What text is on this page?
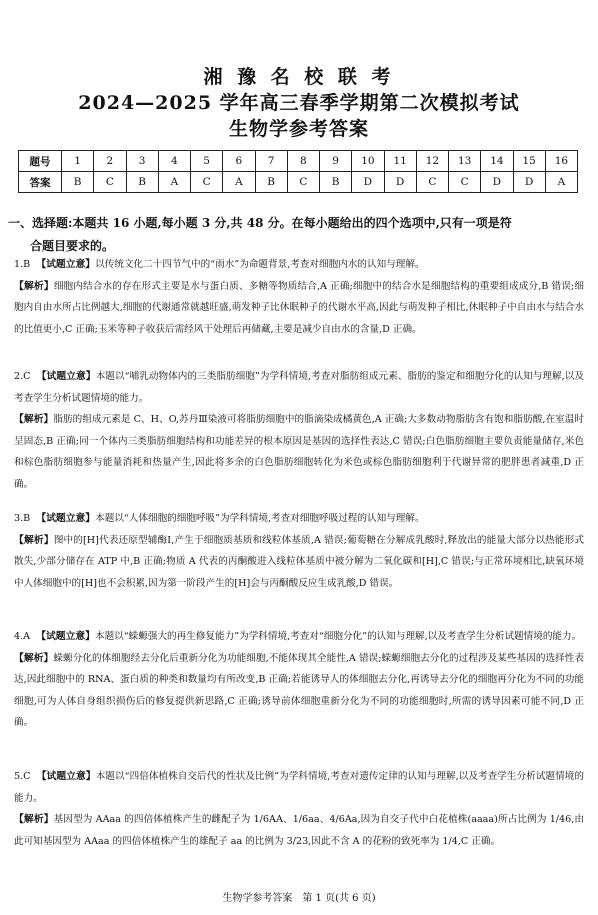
湘 豫 名 校 联 考
2024—2025 学年高三春季学期第二次模拟考试
生物学参考答案
题号	1	2	3	4	5	6	7	8	9	10	11	12	13	14	15	16
答案	B	C	B	A	C	A	B	C	B	D	D	C	C	D	D	A
一、选择题:本题共 16 小题,每小题 3 分,共 48 分。在每小题给出的四个选项中,只有一项是符
合题目要求的。
1.B 【试题立意】以传统文化二十四节气中的“雨水”为命题背景,考查对细胞内水的认知与理解。
【解析】细胞内结合水的存在形式主要是水与蛋白质、多糖等物质结合,A 正确;细胞中的结合水是细胞结构的重要组成成分,B 错误;细胞内自由水所占比例越大,细胞的代谢通常就越旺盛,萌发种子比休眠种子的代谢水平高,因此与萌发种子相比,休眠种子中自由水与结合水的比值更小,C 正确;玉米等种子收获后需经风干处理后再储藏,主要是减少自由水的含量,D 正确。
2.C 【试题立意】本题以“哺乳动物体内的三类脂肪细胞”为学科情境,考查对脂肪组成元素、脂肪的鉴定和细胞分化的认知与理解,以及考查学生分析试题情境的能力。
【解析】脂肪的组成元素是 C、H、O,苏丹Ⅲ染液可将脂肪细胞中的脂滴染成橘黄色,A 正确;大多数动物脂肪含有饱和脂肪酸,在室温时呈固态,B 正确;同一个体内三类脂肪细胞结构和功能差异的根本原因是基因的选择性表达,C 错误;白色脂肪细胞主要负责能量储存,米色和棕色脂肪细胞参与能量消耗和热量产生,因此将多余的白色脂肪细胞转化为米色或棕色脂肪细胞利于代谢异常的肥胖患者减重,D 正确。
3.B 【试题立意】本题以“人体细胞的细胞呼吸”为学科情境,考查对细胞呼吸过程的认知与理解。
【解析】图中的[H]代表还原型辅酶Ⅰ,产生于细胞质基质和线粒体基质,A 错误;葡萄糖在分解成乳酸时,释放出的能量大部分以热能形式散失,少部分储存在 ATP 中,B 正确;物质 A 代表的丙酮酸进入线粒体基质中被分解为二氧化碳和[H],C 错误;与正常环境相比,缺氧环境中人体细胞中的[H]也不会积累,因为第一阶段产生的[H]会与丙酮酸反应生成乳酸,D 错误。
4.A 【试题立意】本题以“蝾螈强大的再生修复能力”为学科情境,考查对“细胞分化”的认知与理解,以及考查学生分析试题情境的能力。
【解析】蝾螈分化的体细胞经去分化后重新分化为功能细胞,不能体现其全能性,A 错误;蝾螈细胞去分化的过程涉及某些基因的选择性表达,因此细胞中的 RNA、蛋白质的种类和数量均有所改变,B 正确;若能诱导人的体细胞去分化,再诱导去分化的细胞再分化为不同的功能细胞,可为人体自身组织损伤后的修复提供新思路,C 正确;诱导前体细胞重新分化为不同的功能细胞时,所需的诱导因素可能不同,D 正确。
5.C 【试题立意】本题以“四倍体植株自交后代的性状及比例”为学科情境,考查对遗传定律的认知与理解,以及考查学生分析试题情境的能力。
【解析】基因型为 AAaa 的四倍体植株产生的雌配子为 1/6AA、1/6aa、4/6Aa,因为自交子代中白花植株(aaaa)所占比例为 1/46,由此可知基因型为 AAaa 的四倍体植株产生的雄配子 aa 的比例为 3/23,因此不含 A 的花粉的致死率为 1/4,C 正确。
生物学参考答案　第 1 页(共 6 页)
